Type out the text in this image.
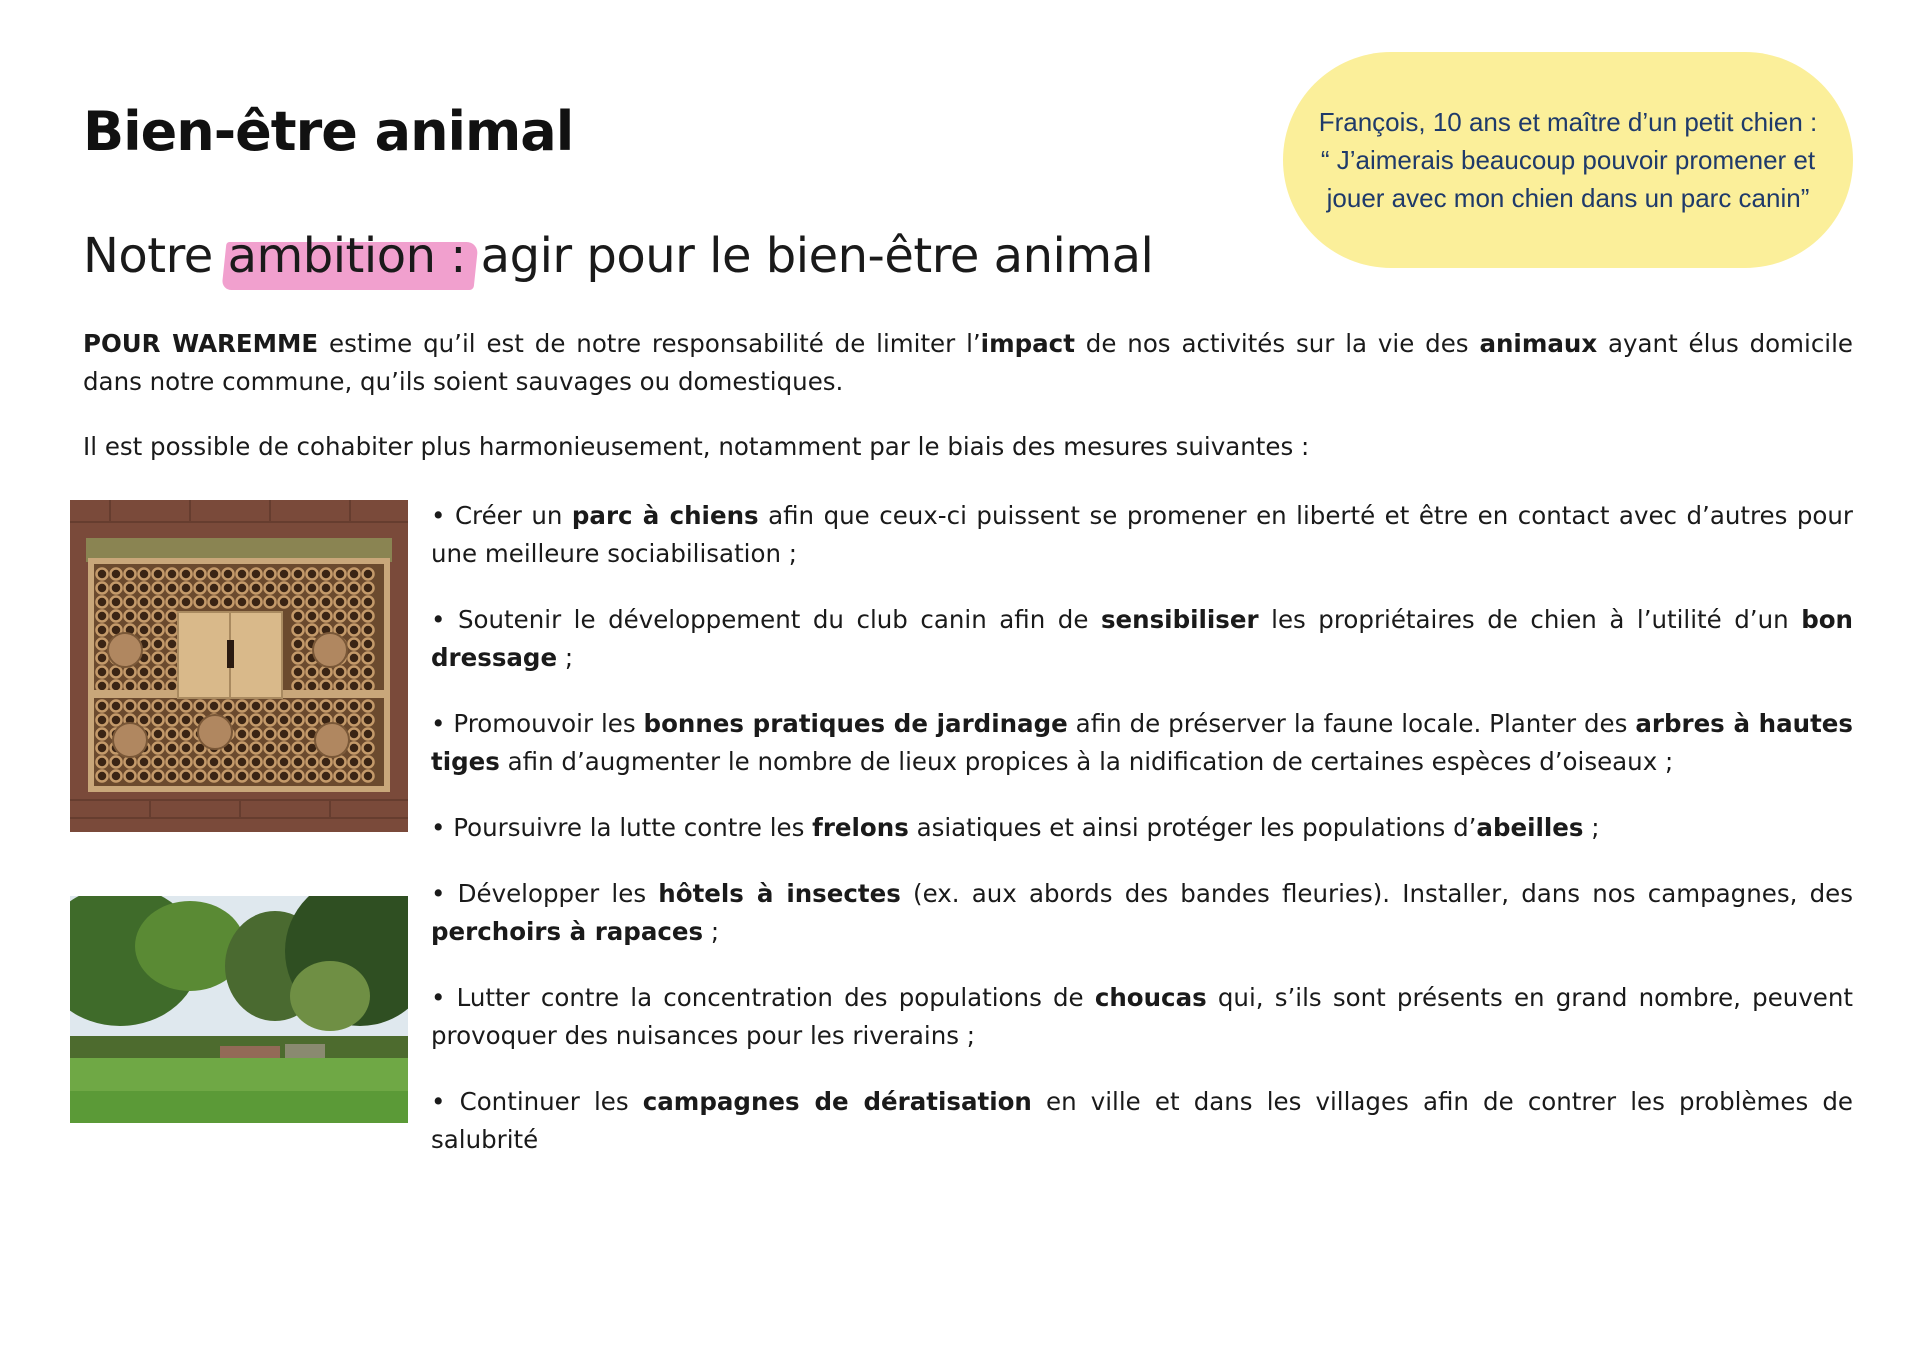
Bien-être animal
Notre ambition : agir pour le bien-être animal

François, 10 ans et maître d’un petit chien : “ J’aimerais beaucoup pouvoir promener et jouer avec mon chien dans un parc canin”

POUR WAREMME estime qu’il est de notre responsabilité de limiter l’impact de nos activités sur la vie des animaux ayant élus domicile dans notre commune, qu’ils soient sauvages ou domestiques.

Il est possible de cohabiter plus harmonieusement, notamment par le biais des mesures suivantes :

• Créer un parc à chiens afin que ceux-ci puissent se promener en liberté et être en contact avec d’autres pour une meilleure sociabilisation ;
• Soutenir le développement du club canin afin de sensibiliser les propriétaires de chien à l’utilité d’un bon dressage ;
• Promouvoir les bonnes pratiques de jardinage afin de préserver la faune locale. Planter des arbres à hautes tiges afin d’augmenter le nombre de lieux propices à la nidification de certaines espèces d’oiseaux ;
• Poursuivre la lutte contre les frelons asiatiques et ainsi protéger les populations d’abeilles ;
• Développer les hôtels à insectes (ex. aux abords des bandes fleuries). Installer, dans nos campagnes, des perchoirs à rapaces ;
• Lutter contre la concentration des populations de choucas qui, s’ils sont présents en grand nombre, peuvent provoquer des nuisances pour les riverains ;
• Continuer les campagnes de dératisation en ville et dans les villages afin de contrer les problèmes de salubrité
